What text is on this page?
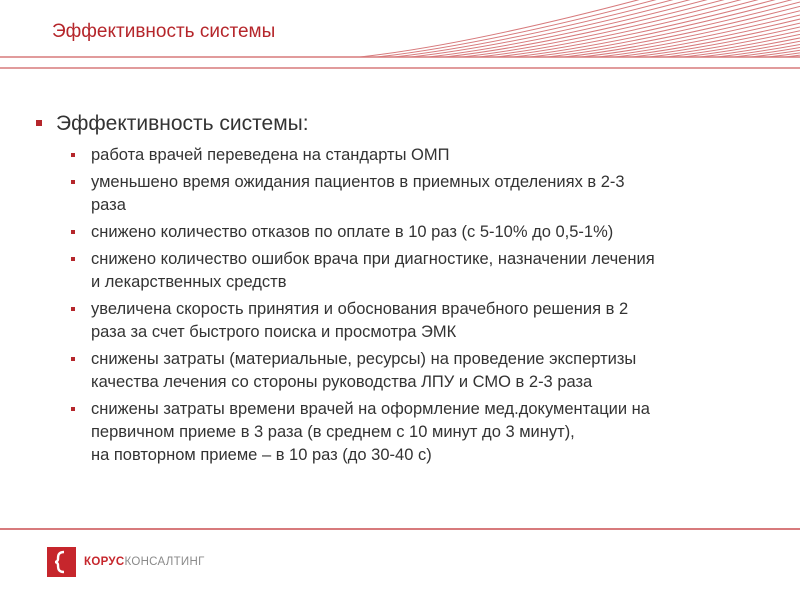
Эффективность системы
Эффективность системы:
работа врачей переведена на стандарты ОМП
уменьшено время ожидания пациентов в приемных отделениях в 2-3
раза
снижено количество отказов по оплате в 10 раз (с 5-10% до 0,5-1%)
снижено количество ошибок врача при диагностике, назначении лечения
и лекарственных средств
увеличена скорость принятия и обоснования врачебного решения в 2
раза за счет быстрого поиска и просмотра ЭМК
снижены затраты (материальные, ресурсы) на проведение экспертизы
качества лечения со стороны руководства ЛПУ и СМО в 2-3 раза
снижены затраты времени врачей на оформление мед.документации на
первичном приеме в 3 раза (в среднем с 10 минут до 3 минут),
на повторном приеме – в 10 раз (до 30-40 с)
КОРУСКОНСАЛТИНГ
